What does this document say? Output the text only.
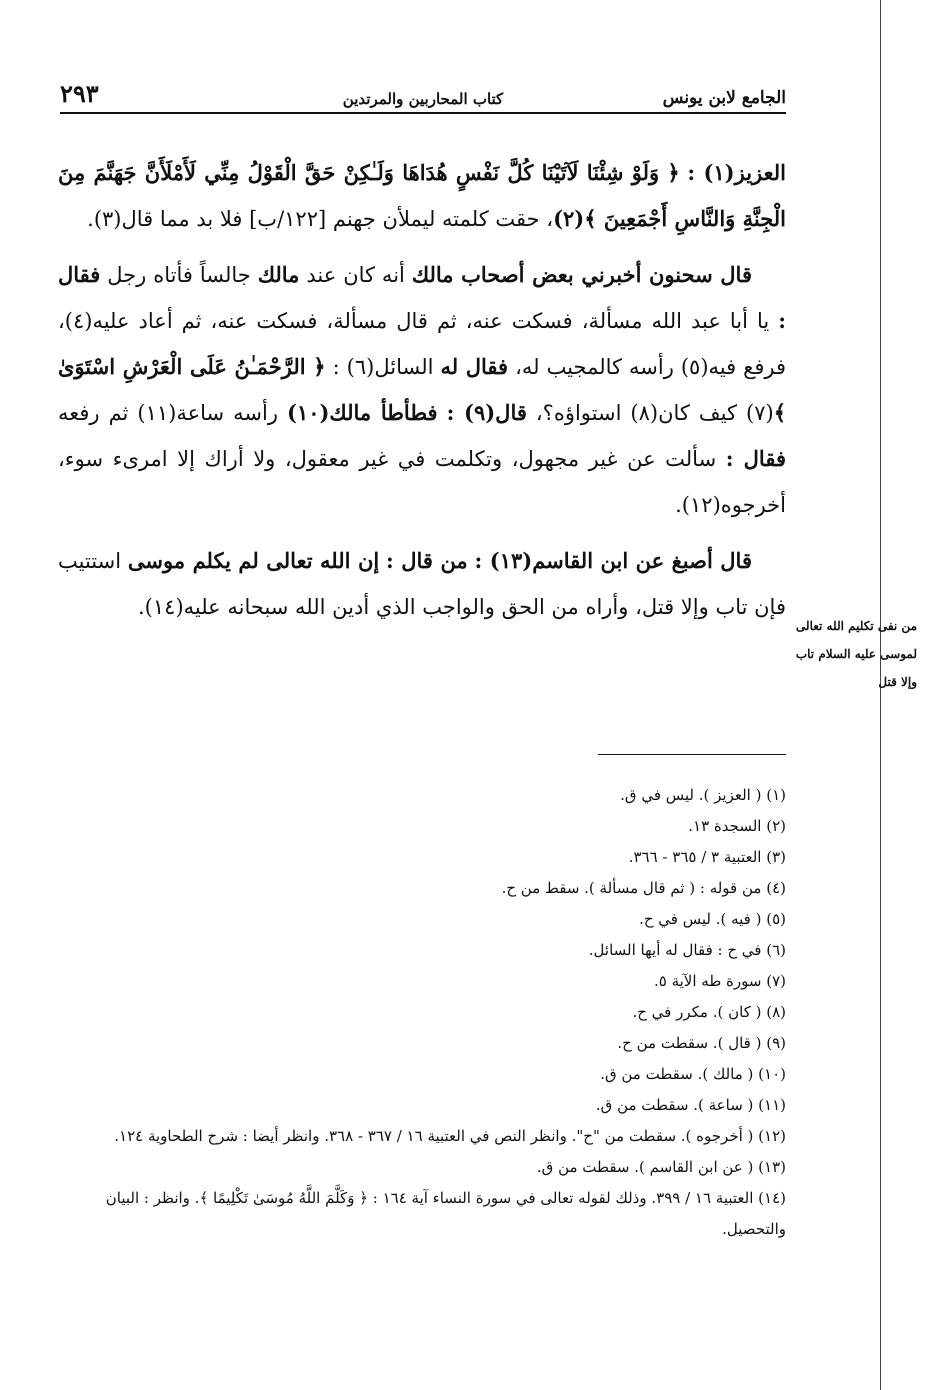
الجامع لابن يونس
كتاب المحاربين والمرتدين
٢٩٣

العزيز(١) : ﴿ وَلَوْ شِئْنَا لَآتَيْنَا كُلَّ نَفْسٍ هُدَاهَا وَلَـٰكِنْ حَقَّ الْقَوْلُ مِنِّي لَأَمْلَأَنَّ جَهَنَّمَ مِنَ الْجِنَّةِ وَالنَّاسِ أَجْمَعِينَ ﴾(٢)، حقت كلمته ليملأن جهنم [١٢٢/ب] فلا بد مما قال(٣).

قال سحنون أخبرني بعض أصحاب مالك أنه كان عند مالك جالساً فأتاه رجل فقال : يا أبا عبد الله مسألة، فسكت عنه، ثم قال مسألة، فسكت عنه، ثم أعاد عليه(٤)، فرفع فيه(٥) رأسه كالمجيب له، فقال له السائل(٦) : ﴿ الرَّحْمَـٰنُ عَلَى الْعَرْشِ اسْتَوَىٰ ﴾(٧) كيف كان(٨) استواؤه؟، قال(٩) : فطأطأ مالك(١٠) رأسه ساعة(١١) ثم رفعه فقال : سألت عن غير مجهول، وتكلمت في غير معقول، ولا أراك إلا امرىء سوء، أخرجوه(١٢).

قال أصبغ عن ابن القاسم(١٣) : من قال : إن الله تعالى لم يكلم موسى استتيب فإن تاب وإلا قتل، وأراه من الحق والواجب الذي أدين الله سبحانه عليه(١٤).

من نفى تكليم الله تعالى لموسى عليه السلام تاب وإلا قتل
(١) ( العزيز ). ليس في ق.
(٢) السجدة ١٣.
(٣) العتبية ٣ / ٣٦٥ - ٣٦٦.
(٤) من قوله : ( ثم قال مسألة ). سقط من ح.
(٥) ( فيه ). ليس في ح.
(٦) في ح : فقال له أيها السائل.
(٧) سورة طه الآية ٥.
(٨) ( كان ). مكرر في ح.
(٩) ( قال ). سقطت من ح.
(١٠) ( مالك ). سقطت من ق.
(١١) ( ساعة ). سقطت من ق.
(١٢) ( أخرجوه ). سقطت من "ح". وانظر النص في العتبية ١٦ / ٣٦٧ - ٣٦٨. وانظر أيضا : شرح الطحاوية ١٢٤.
(١٣) ( عن ابن القاسم ). سقطت من ق.
(١٤) العتبية ١٦ / ٣٩٩. وذلك لقوله تعالى في سورة النساء آية ١٦٤ : ﴿ وَكَلَّمَ اللَّهُ مُوسَىٰ تَكْلِيمًا ﴾. وانظر : البيان والتحصيل.
